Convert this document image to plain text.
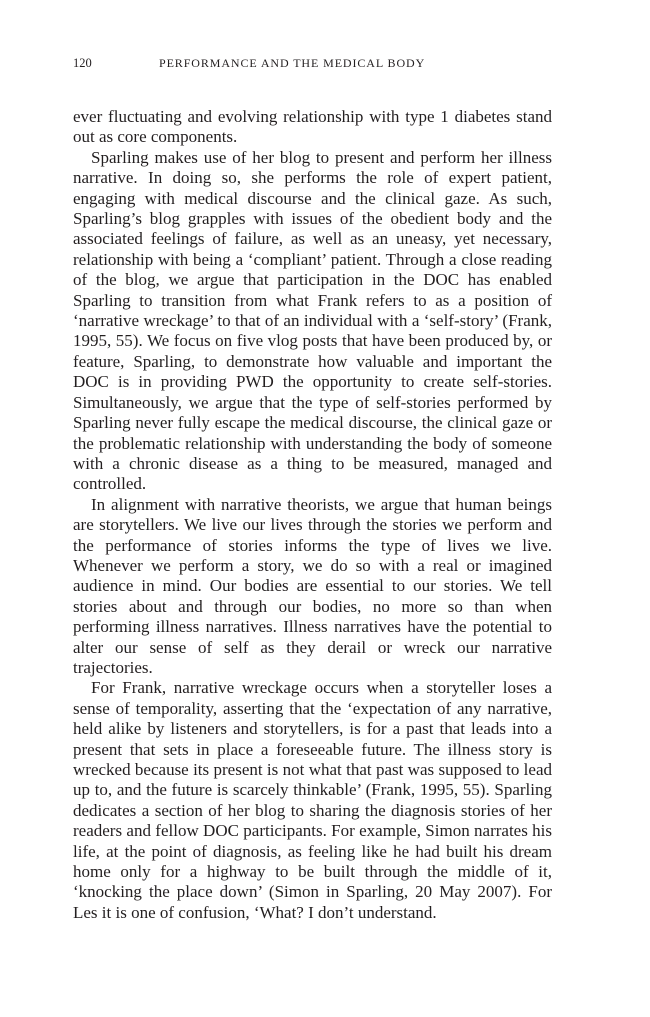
120	PERFORMANCE AND THE MEDICAL BODY

ever fluctuating and evolving relationship with type 1 diabetes stand out as core components.

Sparling makes use of her blog to present and perform her illness narrative. In doing so, she performs the role of expert patient, engaging with medical discourse and the clinical gaze. As such, Sparling’s blog grapples with issues of the obedient body and the associated feelings of failure, as well as an uneasy, yet necessary, relationship with being a ‘compliant’ patient. Through a close reading of the blog, we argue that participation in the DOC has enabled Sparling to transition from what Frank refers to as a position of ‘narrative wreckage’ to that of an individual with a ‘self-story’ (Frank, 1995, 55). We focus on five vlog posts that have been produced by, or feature, Sparling, to demonstrate how valuable and important the DOC is in providing PWD the opportunity to create self-stories. Simultaneously, we argue that the type of self-stories performed by Sparling never fully escape the medical discourse, the clinical gaze or the problematic relationship with understanding the body of someone with a chronic disease as a thing to be measured, managed and controlled.

In alignment with narrative theorists, we argue that human beings are storytellers. We live our lives through the stories we perform and the performance of stories informs the type of lives we live. Whenever we perform a story, we do so with a real or imagined audience in mind. Our bodies are essential to our stories. We tell stories about and through our bodies, no more so than when performing illness narratives. Illness narratives have the potential to alter our sense of self as they derail or wreck our narrative trajectories.

For Frank, narrative wreckage occurs when a storyteller loses a sense of temporality, asserting that the ‘expectation of any narrative, held alike by listeners and storytellers, is for a past that leads into a present that sets in place a foreseeable future. The illness story is wrecked because its present is not what that past was supposed to lead up to, and the future is scarcely thinkable’ (Frank, 1995, 55). Sparling dedicates a section of her blog to sharing the diagnosis stories of her readers and fellow DOC participants. For example, Simon narrates his life, at the point of diagnosis, as feeling like he had built his dream home only for a highway to be built through the middle of it, ‘knocking the place down’ (Simon in Sparling, 20 May 2007). For Les it is one of confusion, ‘What? I don’t understand.
